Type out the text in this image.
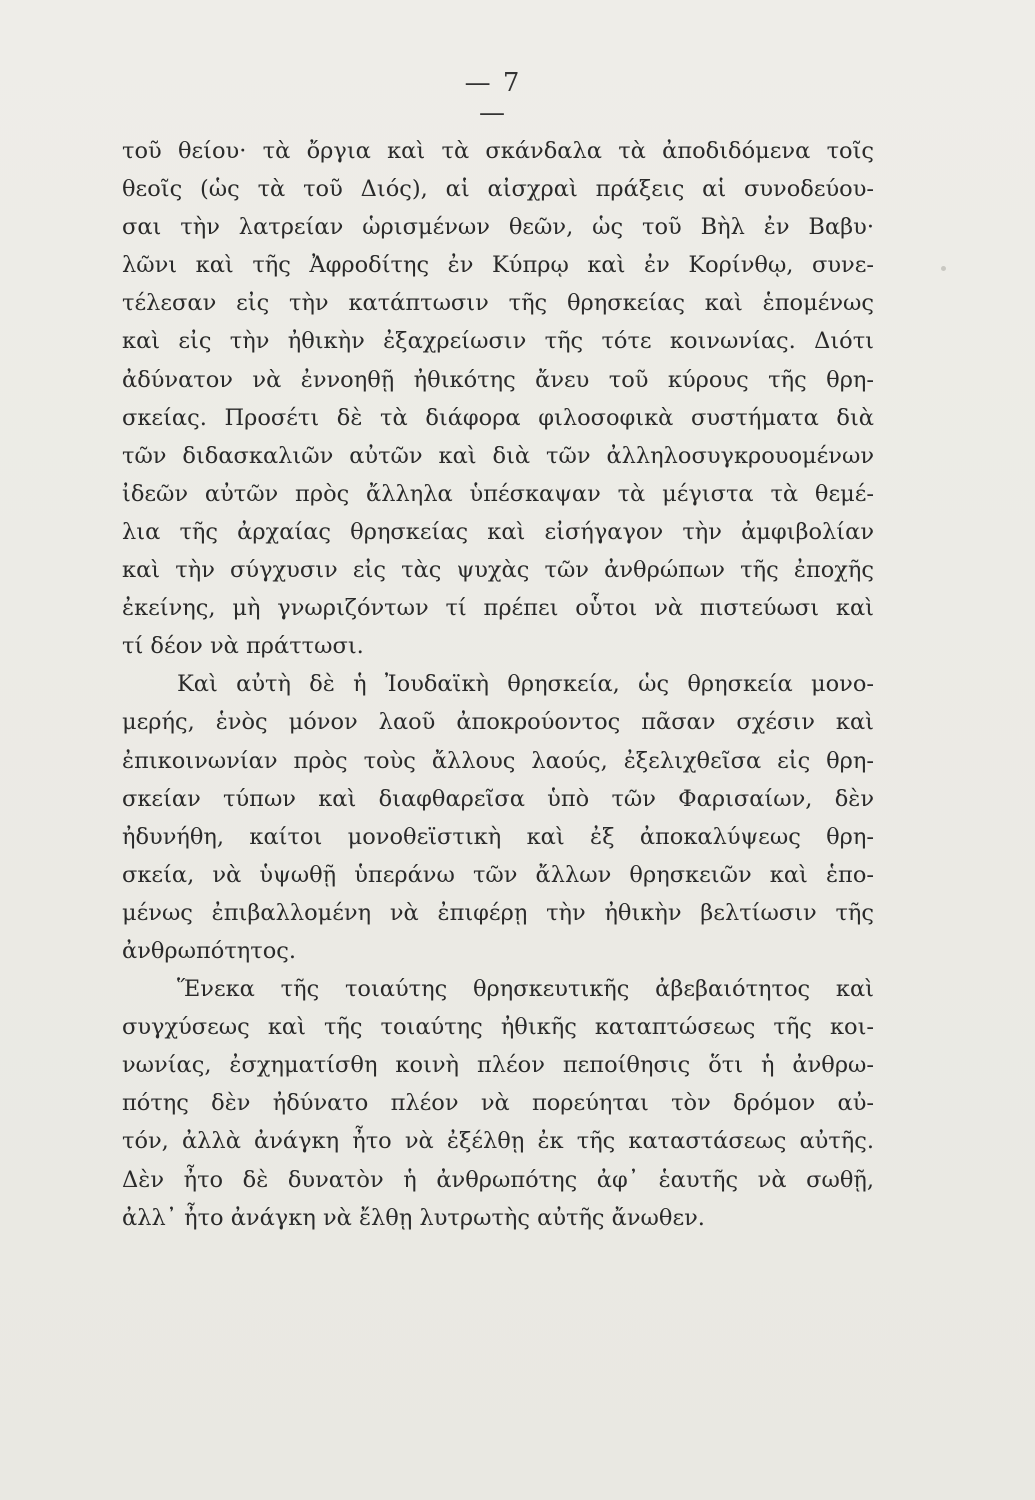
— 7 —
τοῦ θείου· τὰ ὄργια καὶ τὰ σκάνδαλα τὰ ἀποδιδόμενα τοῖς
θεοῖς (ὡς τὰ τοῦ Διός), αἱ αἰσχραὶ πράξεις αἱ συνοδεύου-
σαι τὴν λατρείαν ὡρισμένων θεῶν, ὡς τοῦ Βὴλ ἐν Βαβυ·
λῶνι καὶ τῆς Ἀφροδίτης ἐν Κύπρῳ καὶ ἐν Κορίνθῳ, συνε-
τέλεσαν εἰς τὴν κατάπτωσιν τῆς θρησκείας καὶ ἑπομένως
καὶ εἰς τὴν ἠθικὴν ἐξαχρείωσιν τῆς τότε κοινωνίας. Διότι
ἀδύνατον νὰ ἐννοηθῇ ἠθικότης ἄνευ τοῦ κύρους τῆς θρη-
σκείας. Προσέτι δὲ τὰ διάφορα φιλοσοφικὰ συστήματα διὰ
τῶν διδασκαλιῶν αὐτῶν καὶ διὰ τῶν ἀλληλοσυγκρουομένων
ἰδεῶν αὐτῶν πρὸς ἄλληλα ὑπέσκαψαν τὰ μέγιστα τὰ θεμέ-
λια τῆς ἀρχαίας θρησκείας καὶ εἰσήγαγον τὴν ἀμφιβολίαν
καὶ τὴν σύγχυσιν εἰς τὰς ψυχὰς τῶν ἀνθρώπων τῆς ἐποχῆς
ἐκείνης, μὴ γνωριζόντων τί πρέπει οὗτοι νὰ πιστεύωσι καὶ
τί δέον νὰ πράττωσι.
Καὶ αὐτὴ δὲ ἡ Ἰουδαϊκὴ θρησκεία, ὡς θρησκεία μονο-
μερής, ἑνὸς μόνον λαοῦ ἀποκρούοντος πᾶσαν σχέσιν καὶ
ἐπικοινωνίαν πρὸς τοὺς ἄλλους λαούς, ἐξελιχθεῖσα εἰς θρη-
σκείαν τύπων καὶ διαφθαρεῖσα ὑπὸ τῶν Φαρισαίων, δὲν
ἠδυνήθη, καίτοι μονοθεϊστικὴ καὶ ἐξ ἀποκαλύψεως θρη-
σκεία, νὰ ὑψωθῇ ὑπεράνω τῶν ἄλλων θρησκειῶν καὶ ἑπο-
μένως ἐπιβαλλομένη νὰ ἐπιφέρῃ τὴν ἠθικὴν βελτίωσιν τῆς
ἀνθρωπότητος.
Ἕνεκα τῆς τοιαύτης θρησκευτικῆς ἀβεβαιότητος καὶ
συγχύσεως καὶ τῆς τοιαύτης ἠθικῆς καταπτώσεως τῆς κοι-
νωνίας, ἐσχηματίσθη κοινὴ πλέον πεποίθησις ὅτι ἡ ἀνθρω-
πότης δὲν ἠδύνατο πλέον νὰ πορεύηται τὸν δρόμον αὐ-
τόν, ἀλλὰ ἀνάγκη ἦτο νὰ ἐξέλθῃ ἐκ τῆς καταστάσεως αὐτῆς.
Δὲν ἦτο δὲ δυνατὸν ἡ ἀνθρωπότης ἀφ᾽ ἑαυτῆς νὰ σωθῇ,
ἀλλ᾽ ἦτο ἀνάγκη νὰ ἔλθῃ λυτρωτὴς αὐτῆς ἄνωθεν.
